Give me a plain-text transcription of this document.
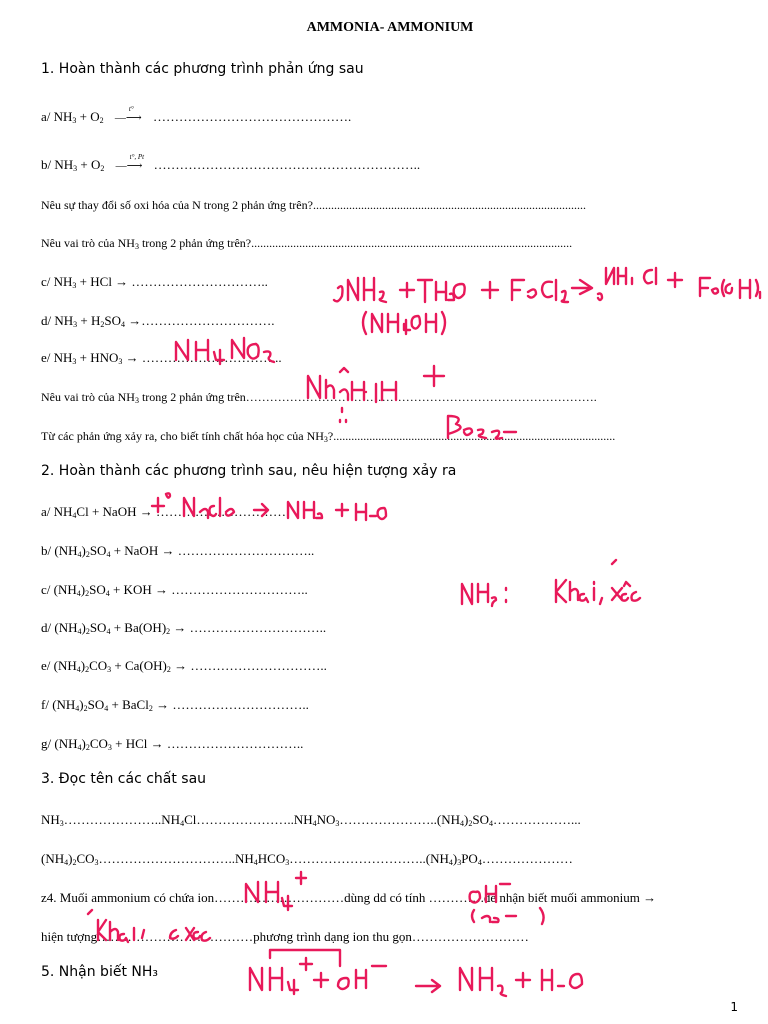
AMMONIA- AMMONIUM
1. Hoàn thành các phương trình phản ứng sau
a/ $NH_3 + O_2$ —⟶
t° ……………………………………….
b/ $NH_3 + O_2$ —⟶
t°, Pt ……………………………………………………..
Nêu sự thay đổi số oxi hóa của N trong 2 phản ứng trên?...........................................................................................
Nêu vai trò của $NH_3$ trong 2 phản ứng trên?...........................................................................................................
c/ $NH_3$ + HCl → …………………………..
d/ $NH_3 + H_2SO_4$ →………………………….
e/ $NH_3 + HNO_3$ → …………………………...
Nêu vai trò của $NH_3$ trong 2 phản ứng trên…………………………………………………………………………….
Từ các phản ứng xảy ra, cho biết tính chất hóa học của $NH_3$?..............................................................................................
2. Hoàn thành các phương trình sau, nêu hiện tượng xảy ra
a/ $NH_4Cl$ + NaOH → …………………………
b/ $(NH_4)_2SO_4$ + NaOH → …………………………..
c/ $(NH_4)_2SO_4$ + KOH → …………………………..
d/ $(NH_4)_2SO_4 + Ba(OH)_2$ → …………………………..
e/ $(NH_4)_2CO_3 + Ca(OH)_2$ → …………………………..
f/ $(NH_4)_2SO_4$ + BaCl$_2$ → …………………………..
g/ $(NH_4)_2CO_3$ + HCl → …………………………..
3. Đọc tên các chất sau
$NH_3\dots\dots\dots\dots\dots\dots\dots..NH_4Cl\dots\dots\dots\dots\dots\dots\dots..NH_4NO_3\dots\dots\dots\dots\dots\dots\dots..(NH_4)_2SO_4\dots\dots\dots\dots\dots\dots$...
$(NH_4)_2CO_3\dots\dots\dots\dots\dots\dots\dots\dots\dots\dots..NH_4HCO_3\dots\dots\dots\dots\dots\dots\dots\dots\dots\dots..(NH_4)_3PO_4\dots\dots\dots\dots\dots\dots\dots$
z4. Muối ammonium có chứa ion…………………………dùng dd có tính ………….để nhận biết muối ammonium →
hiện tượng………………………………phương trình dạng ion thu gọn………………………
5. Nhận biết NH₃
1
